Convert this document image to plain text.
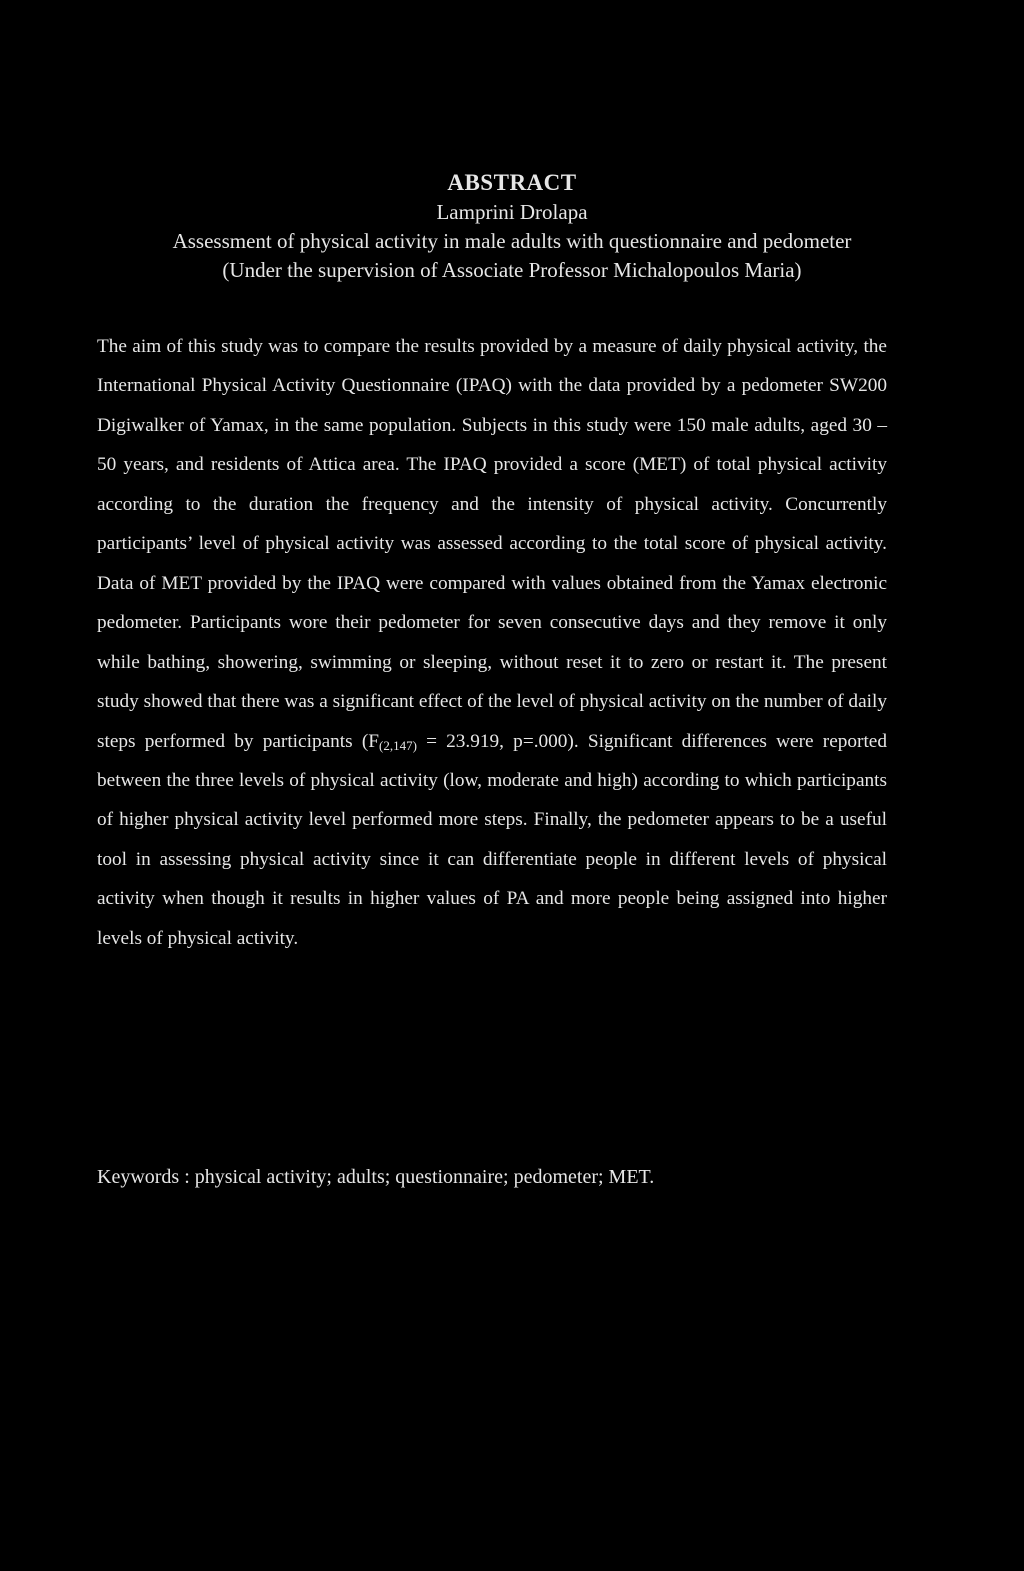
ABSTRACT

Lamprini Drolapa

Assessment of physical activity in male adults with questionnaire and pedometer

(Under the supervision of Associate Professor Michalopoulos Maria)

The aim of this study was to compare the results provided by a measure of daily physical activity, the International Physical Activity Questionnaire (IPAQ) with the data provided by a pedometer SW200 Digiwalker of Yamax, in the same population. Subjects in this study were 150 male adults, aged 30 – 50 years, and residents of Attica area. The IPAQ provided a score (MET) of total physical activity according to the duration the frequency and the intensity of physical activity. Concurrently participants’ level of physical activity was assessed according to the total score of physical activity. Data of MET provided by the IPAQ were compared with values obtained from the Yamax electronic pedometer. Participants wore their pedometer for seven consecutive days and they remove it only while bathing, showering, swimming or sleeping, without reset it to zero or restart it. The present study showed that there was a significant effect of the level of physical activity on the number of daily steps performed by participants ($F_{(2,147)} = 23.919$, p=.000). Significant differences were reported between the three levels of physical activity (low, moderate and high) according to which participants of higher physical activity level performed more steps. Finally, the pedometer appears to be a useful tool in assessing physical activity since it can differentiate people in different levels of physical activity when though it results in higher values of PA and more people being assigned into higher levels of physical activity.

Keywords : physical activity; adults; questionnaire; pedometer; MET.
